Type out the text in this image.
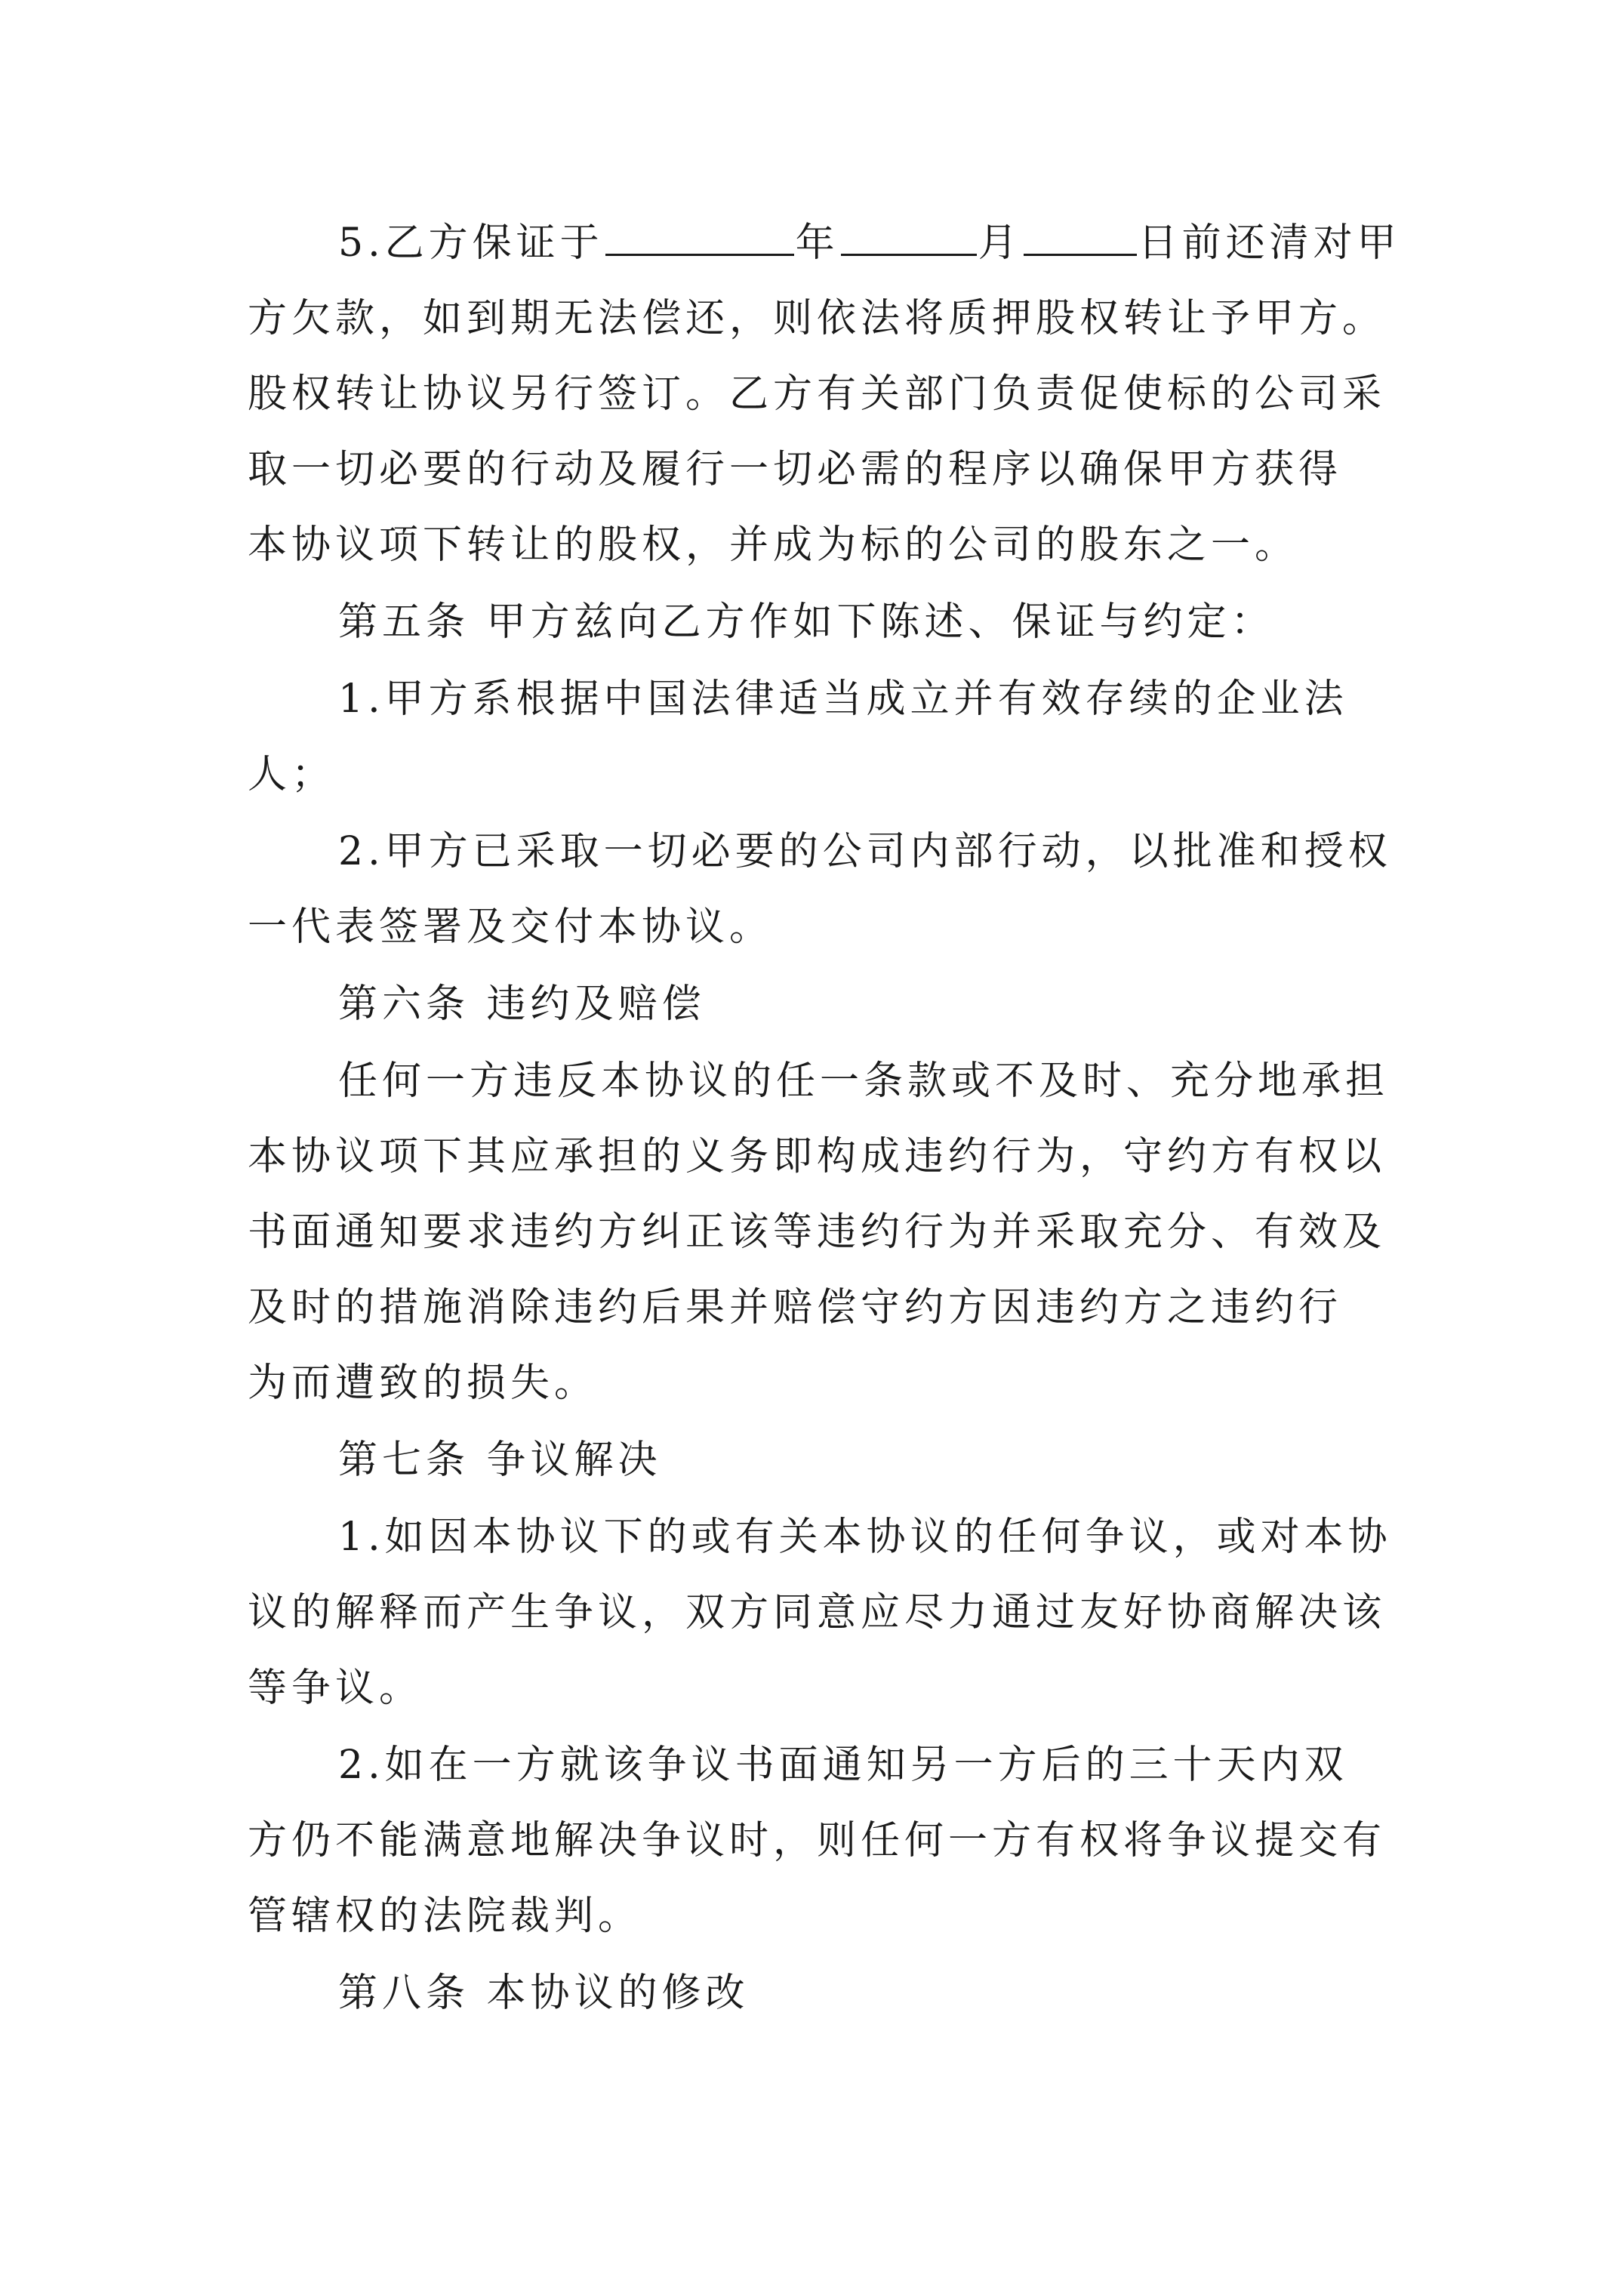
5.乙方保证于	年	月	日前还清对甲
方欠款，如到期无法偿还，则依法将质押股权转让予甲方。
股权转让协议另行签订。乙方有关部门负责促使标的公司采
取一切必要的行动及履行一切必需的程序以确保甲方获得
本协议项下转让的股权，并成为标的公司的股东之一。
第五条 甲方兹向乙方作如下陈述、保证与约定：
1.甲方系根据中国法律适当成立并有效存续的企业法
人；
2.甲方已采取一切必要的公司内部行动，以批准和授权
一代表签署及交付本协议。
第六条 违约及赔偿
任何一方违反本协议的任一条款或不及时、充分地承担
本协议项下其应承担的义务即构成违约行为，守约方有权以
书面通知要求违约方纠正该等违约行为并采取充分、有效及
及时的措施消除违约后果并赔偿守约方因违约方之违约行
为而遭致的损失。
第七条 争议解决
1.如因本协议下的或有关本协议的任何争议，或对本协
议的解释而产生争议，双方同意应尽力通过友好协商解决该
等争议。
2.如在一方就该争议书面通知另一方后的三十天内双
方仍不能满意地解决争议时，则任何一方有权将争议提交有
管辖权的法院裁判。
第八条 本协议的修改
